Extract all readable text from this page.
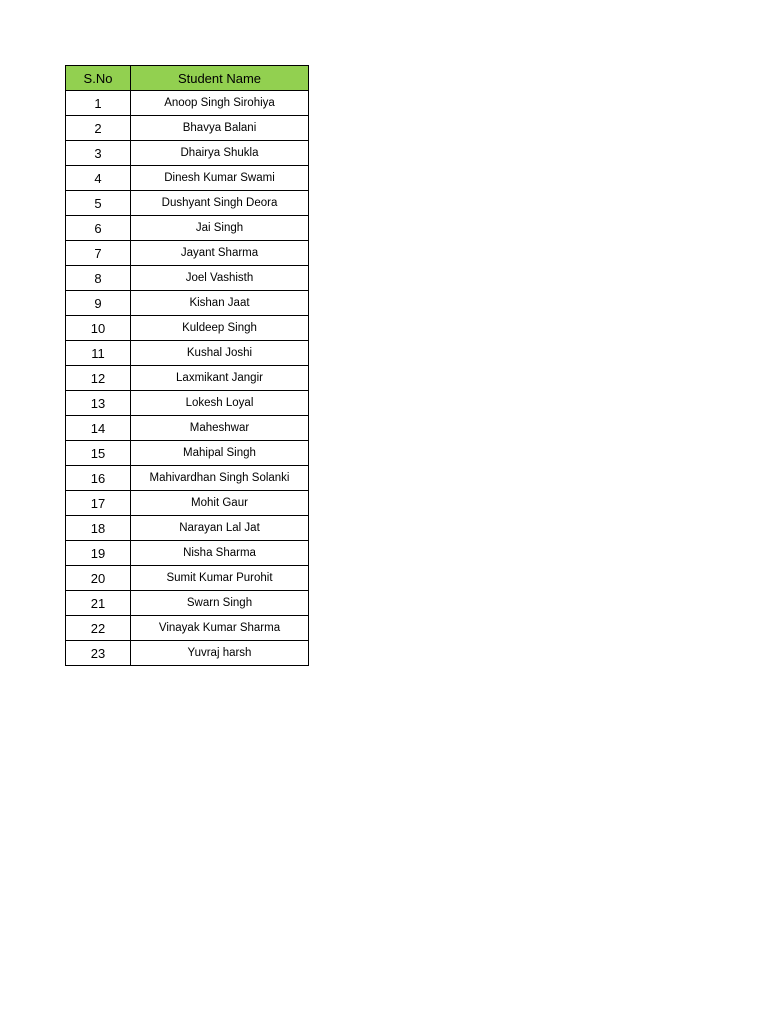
S.No	Student Name
1	Anoop Singh Sirohiya
2	Bhavya Balani
3	Dhairya Shukla
4	Dinesh Kumar Swami
5	Dushyant Singh Deora
6	Jai Singh
7	Jayant Sharma
8	Joel Vashisth
9	Kishan Jaat
10	Kuldeep Singh
11	Kushal Joshi
12	Laxmikant Jangir
13	Lokesh Loyal
14	Maheshwar
15	Mahipal Singh
16	Mahivardhan Singh Solanki
17	Mohit Gaur
18	Narayan Lal Jat
19	Nisha Sharma
20	Sumit Kumar Purohit
21	Swarn Singh
22	Vinayak Kumar Sharma
23	Yuvraj harsh
